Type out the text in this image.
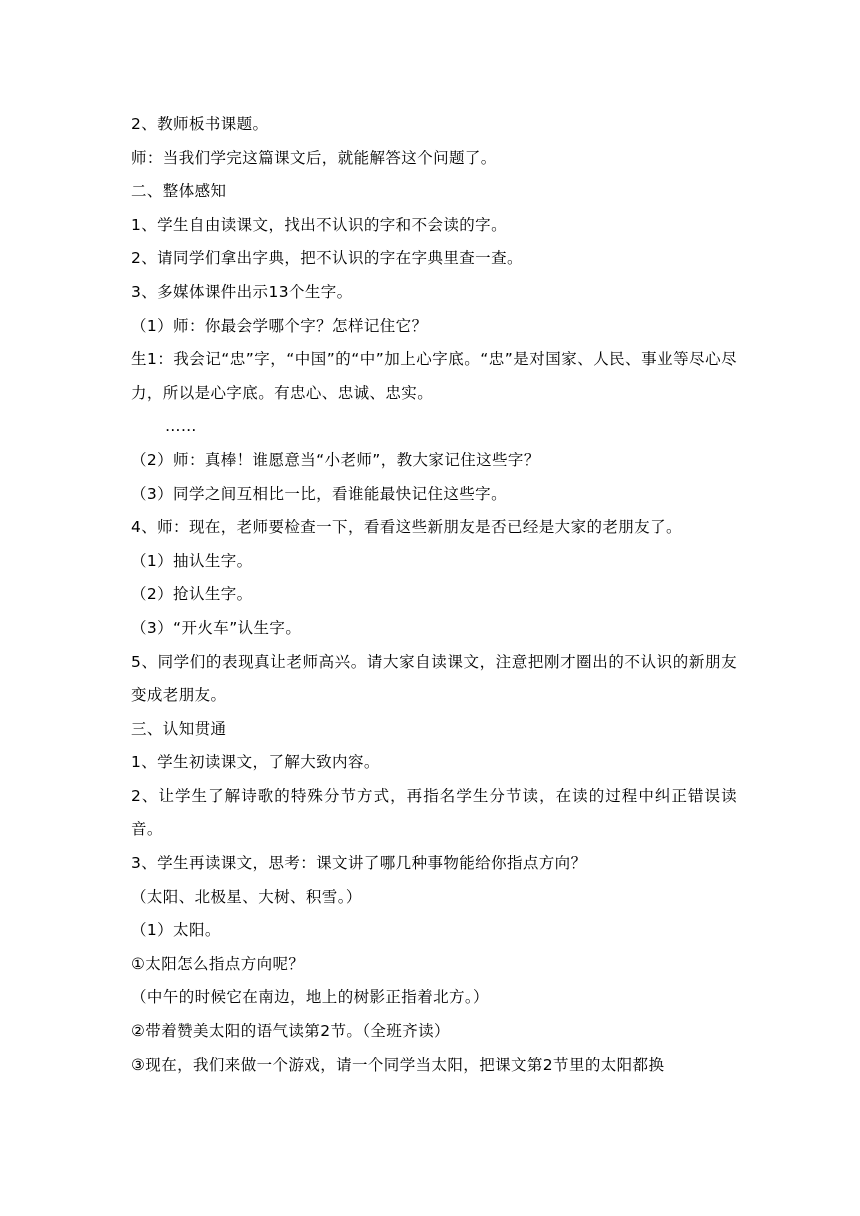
2、教师板书课题。
师：当我们学完这篇课文后，就能解答这个问题了。
二、整体感知
1、学生自由读课文，找出不认识的字和不会读的字。
2、请同学们拿出字典，把不认识的字在字典里查一查。
3、多媒体课件出示13个生字。
（1）师：你最会学哪个字？怎样记住它？
生1：我会记“忠”字，“中国”的“中”加上心字底。“忠”是对国家、人民、事业等尽心尽力，所以是心字底。有忠心、忠诚、忠实。
……
（2）师：真棒！谁愿意当“小老师”，教大家记住这些字？
（3）同学之间互相比一比，看谁能最快记住这些字。
4、师：现在，老师要检查一下，看看这些新朋友是否已经是大家的老朋友了。
（1）抽认生字。
（2）抢认生字。
（3）“开火车”认生字。
5、同学们的表现真让老师高兴。请大家自读课文，注意把刚才圈出的不认识的新朋友变成老朋友。
三、认知贯通
1、学生初读课文，了解大致内容。
2、让学生了解诗歌的特殊分节方式，再指名学生分节读，在读的过程中纠正错误读音。
3、学生再读课文，思考：课文讲了哪几种事物能给你指点方向？
（太阳、北极星、大树、积雪。）
（1）太阳。
①太阳怎么指点方向呢？
（中午的时候它在南边，地上的树影正指着北方。）
②带着赞美太阳的语气读第2节。（全班齐读）
③现在，我们来做一个游戏，请一个同学当太阳，把课文第2节里的太阳都换
